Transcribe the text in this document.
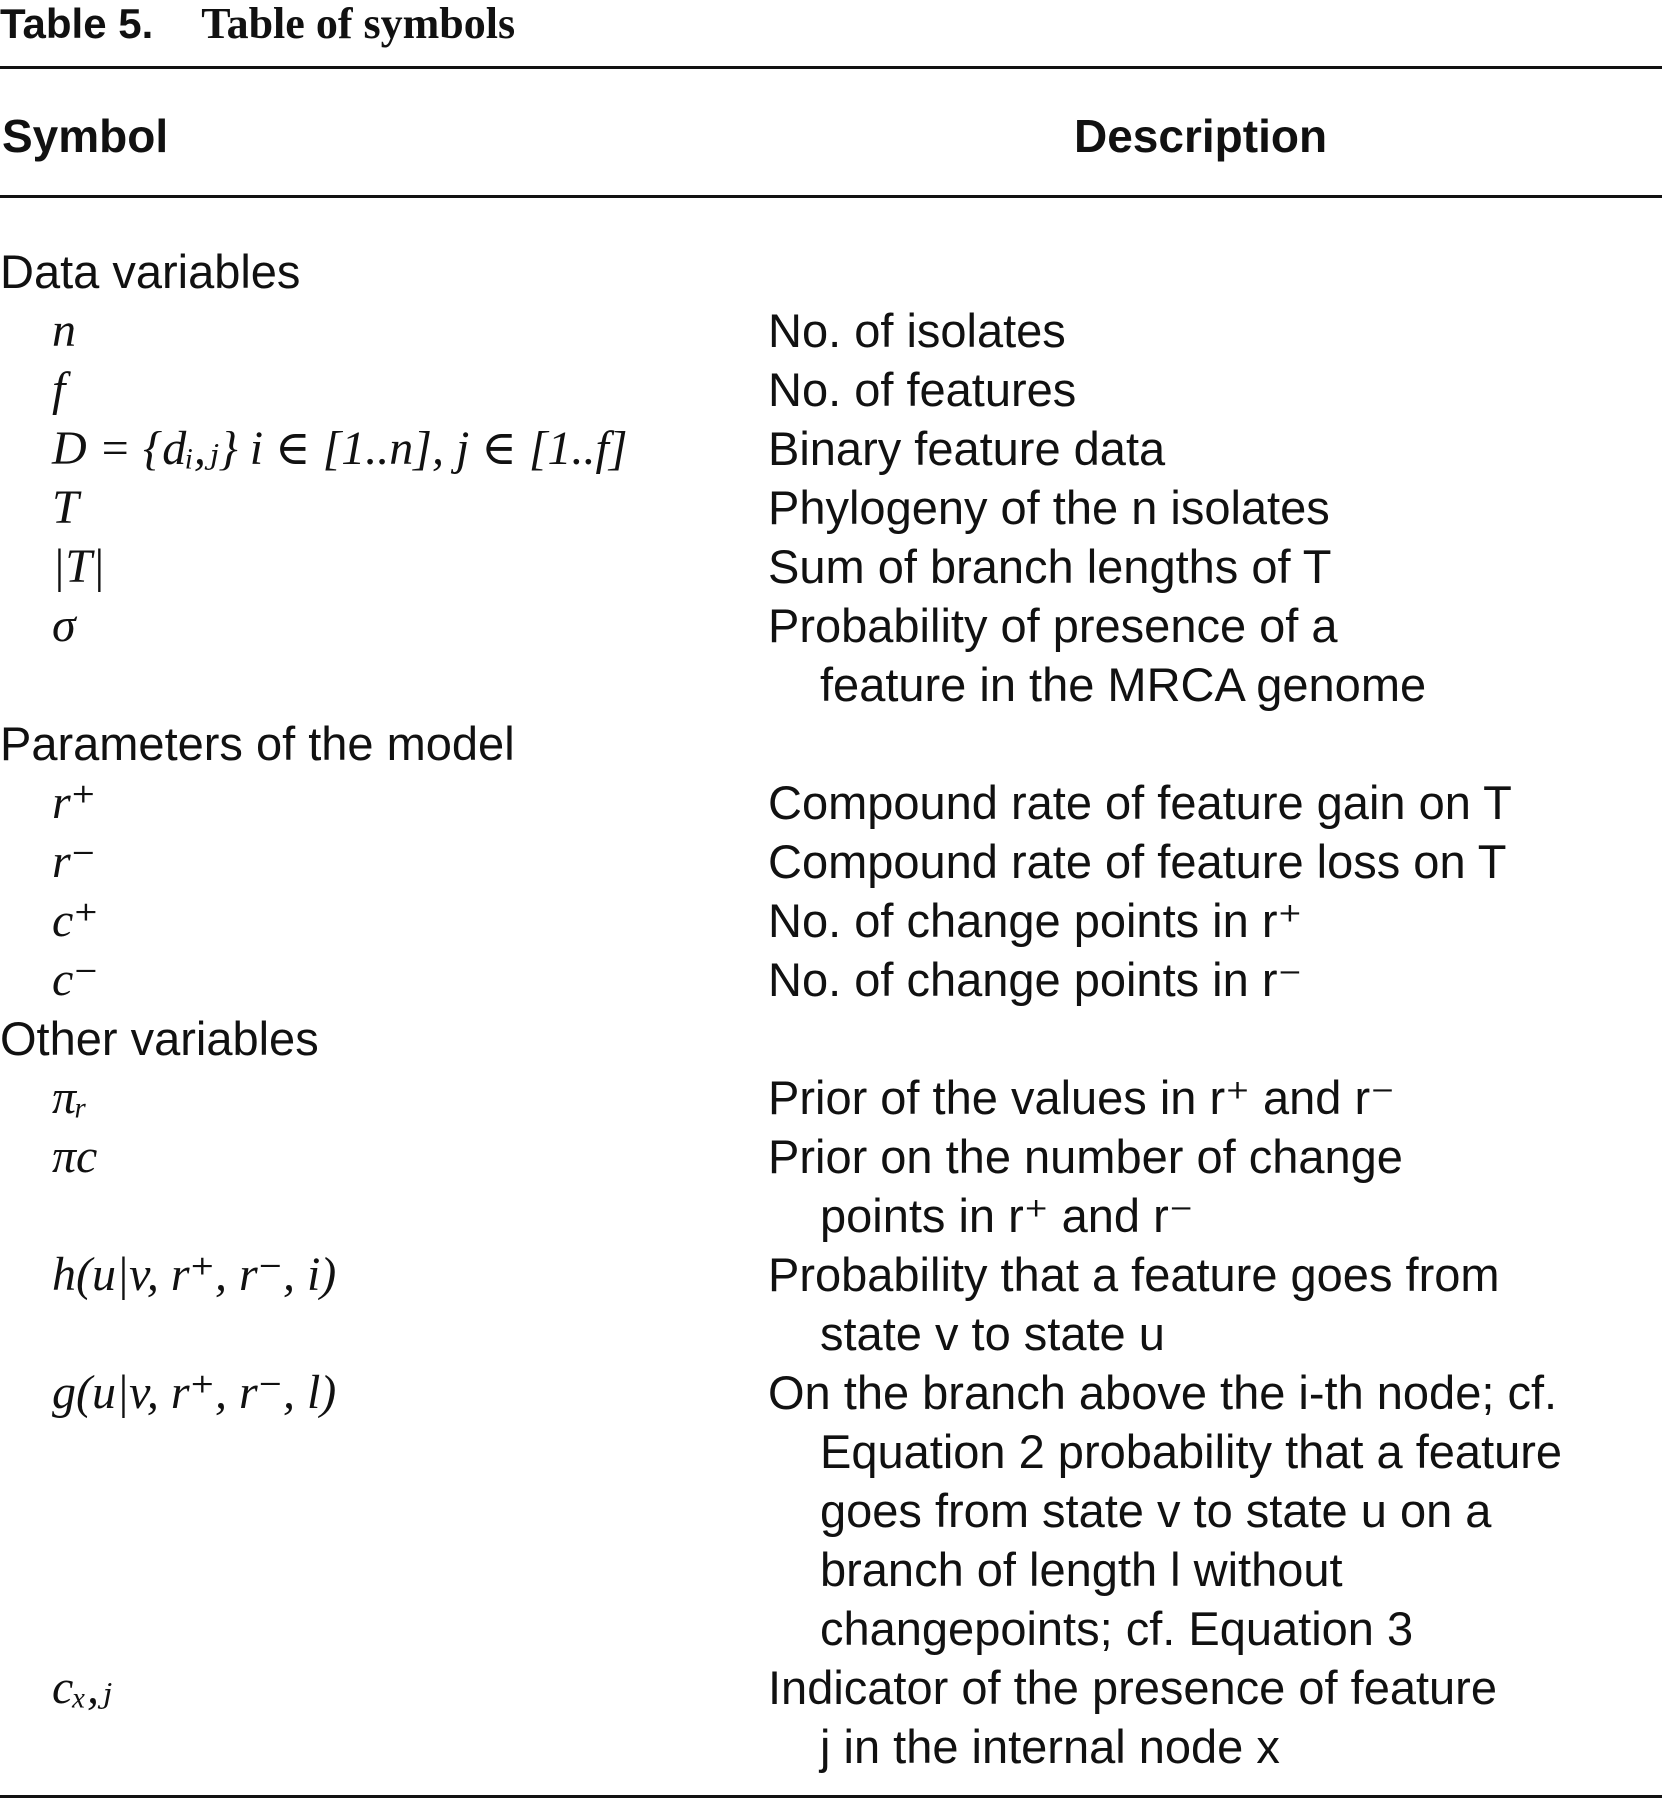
Table 5. Table of symbols
Symbol	Description
Data variables
n	No. of isolates
f	No. of features
D = {dᵢ,ⱼ} i ∈ [1..n], j ∈ [1..f]	Binary feature data
T	Phylogeny of the n isolates
|T|	Sum of branch lengths of T
σ	Probability of presence of a
feature in the MRCA genome
Parameters of the model
r⁺	Compound rate of feature gain on T
r⁻	Compound rate of feature loss on T
c⁺	No. of change points in r⁺
c⁻	No. of change points in r⁻
Other variables
πᵣ	Prior of the values in r⁺ and r⁻
πc	Prior on the number of change
points in r⁺ and r⁻
h(u|v, r⁺, r⁻, i)	Probability that a feature goes from
state v to state u
g(u|v, r⁺, r⁻, l)	On the branch above the i-th node; cf.
Equation 2 probability that a feature
goes from state v to state u on a
branch of length l without
changepoints; cf. Equation 3
cₓ,ⱼ	Indicator of the presence of feature
j in the internal node x
